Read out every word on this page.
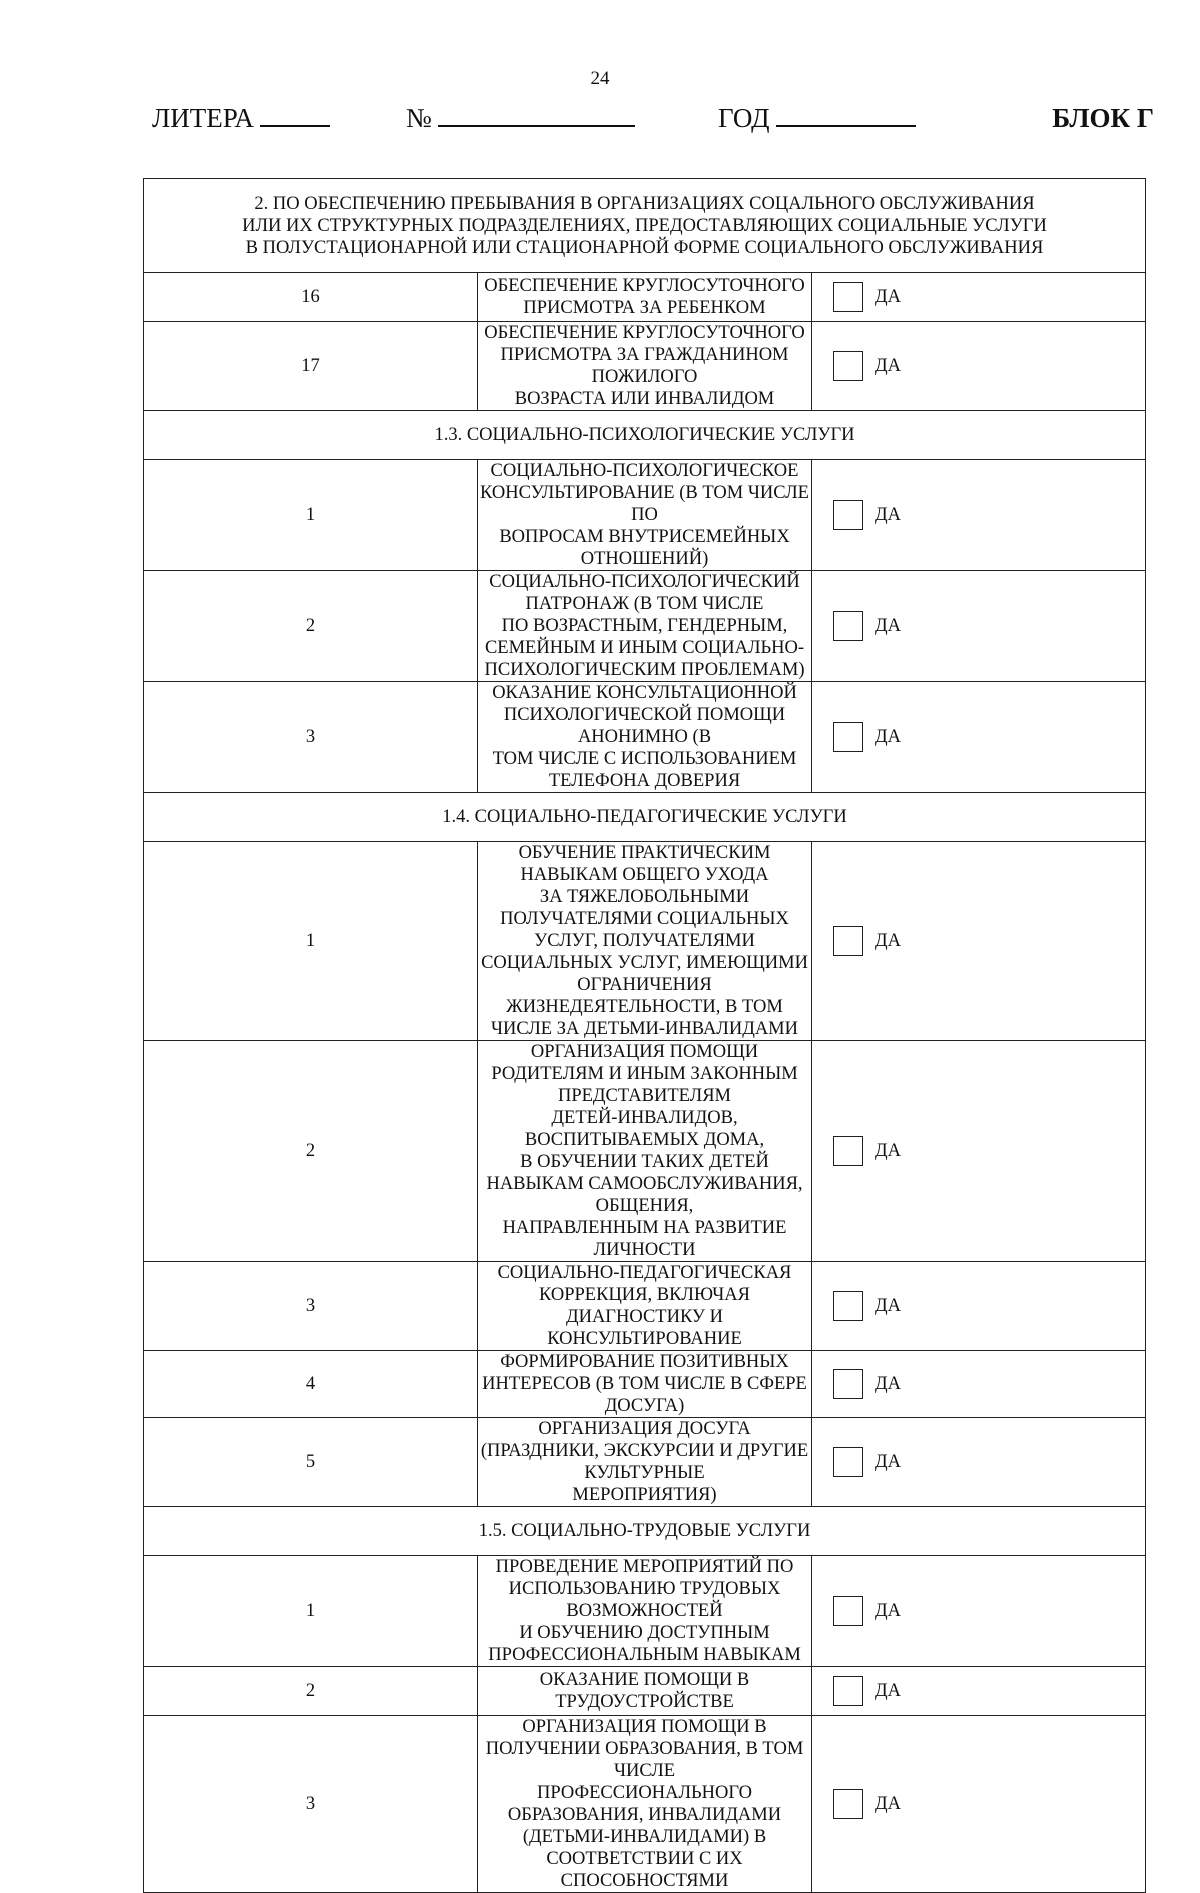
24
ЛИТЕРА	№	ГОД	БЛОК Г
2. ПО ОБЕСПЕЧЕНИЮ ПРЕБЫВАНИЯ В ОРГАНИЗАЦИЯХ СОЦАЛЬНОГО ОБСЛУЖИВАНИЯ
ИЛИ ИХ СТРУКТУРНЫХ ПОДРАЗДЕЛЕНИЯХ, ПРЕДОСТАВЛЯЮЩИХ СОЦИАЛЬНЫЕ УСЛУГИ
В ПОЛУСТАЦИОНАРНОЙ ИЛИ СТАЦИОНАРНОЙ ФОРМЕ СОЦИАЛЬНОГО ОБСЛУЖИВАНИЯ		
16	ОБЕСПЕЧЕНИЕ КРУГЛОСУТОЧНОГО ПРИСМОТРА ЗА РЕБЕНКОМ	ДА

17	ОБЕСПЕЧЕНИЕ КРУГЛОСУТОЧНОГО ПРИСМОТРА ЗА ГРАЖДАНИНОМ ПОЖИЛОГО
ВОЗРАСТА ИЛИ ИНВАЛИДОМ	ДА

1.3. СОЦИАЛЬНО-ПСИХОЛОГИЧЕСКИЕ УСЛУГИ		
1	СОЦИАЛЬНО-ПСИХОЛОГИЧЕСКОЕ КОНСУЛЬТИРОВАНИЕ (В ТОМ ЧИСЛЕ ПО
ВОПРОСАМ ВНУТРИСЕМЕЙНЫХ ОТНОШЕНИЙ)	ДА

2	СОЦИАЛЬНО-ПСИХОЛОГИЧЕСКИЙ ПАТРОНАЖ (В ТОМ ЧИСЛЕ
ПО ВОЗРАСТНЫМ, ГЕНДЕРНЫМ, СЕМЕЙНЫМ И ИНЫМ СОЦИАЛЬНО-
ПСИХОЛОГИЧЕСКИМ ПРОБЛЕМАМ)	ДА

3	ОКАЗАНИЕ КОНСУЛЬТАЦИОННОЙ ПСИХОЛОГИЧЕСКОЙ ПОМОЩИ АНОНИМНО (В
ТОМ ЧИСЛЕ С ИСПОЛЬЗОВАНИЕМ ТЕЛЕФОНА ДОВЕРИЯ	ДА

1.4. СОЦИАЛЬНО-ПЕДАГОГИЧЕСКИЕ УСЛУГИ		
1	ОБУЧЕНИЕ ПРАКТИЧЕСКИМ НАВЫКАМ ОБЩЕГО УХОДА
ЗА ТЯЖЕЛОБОЛЬНЫМИ ПОЛУЧАТЕЛЯМИ СОЦИАЛЬНЫХ УСЛУГ, ПОЛУЧАТЕЛЯМИ
СОЦИАЛЬНЫХ УСЛУГ, ИМЕЮЩИМИ ОГРАНИЧЕНИЯ ЖИЗНЕДЕЯТЕЛЬНОСТИ, В ТОМ
ЧИСЛЕ ЗА ДЕТЬМИ-ИНВАЛИДАМИ	ДА

2	ОРГАНИЗАЦИЯ ПОМОЩИ РОДИТЕЛЯМ И ИНЫМ ЗАКОННЫМ ПРЕДСТАВИТЕЛЯМ
ДЕТЕЙ-ИНВАЛИДОВ, ВОСПИТЫВАЕМЫХ ДОМА,
В ОБУЧЕНИИ ТАКИХ ДЕТЕЙ НАВЫКАМ САМООБСЛУЖИВАНИЯ, ОБЩЕНИЯ,
НАПРАВЛЕННЫМ НА РАЗВИТИЕ ЛИЧНОСТИ	ДА

3	СОЦИАЛЬНО-ПЕДАГОГИЧЕСКАЯ КОРРЕКЦИЯ, ВКЛЮЧАЯ ДИАГНОСТИКУ И
КОНСУЛЬТИРОВАНИЕ	ДА

4	ФОРМИРОВАНИЕ ПОЗИТИВНЫХ ИНТЕРЕСОВ (В ТОМ ЧИСЛЕ В СФЕРЕ ДОСУГА)	ДА

5	ОРГАНИЗАЦИЯ ДОСУГА (ПРАЗДНИКИ, ЭКСКУРСИИ И ДРУГИЕ КУЛЬТУРНЫЕ
МЕРОПРИЯТИЯ)	ДА

1.5. СОЦИАЛЬНО-ТРУДОВЫЕ УСЛУГИ		
1	ПРОВЕДЕНИЕ МЕРОПРИЯТИЙ ПО ИСПОЛЬЗОВАНИЮ ТРУДОВЫХ ВОЗМОЖНОСТЕЙ
И ОБУЧЕНИЮ ДОСТУПНЫМ ПРОФЕССИОНАЛЬНЫМ НАВЫКАМ	ДА

2	ОКАЗАНИЕ ПОМОЩИ В ТРУДОУСТРОЙСТВЕ	ДА

3	ОРГАНИЗАЦИЯ ПОМОЩИ В ПОЛУЧЕНИИ ОБРАЗОВАНИЯ, В ТОМ ЧИСЛЕ
ПРОФЕССИОНАЛЬНОГО ОБРАЗОВАНИЯ, ИНВАЛИДАМИ (ДЕТЬМИ-ИНВАЛИДАМИ) В
СООТВЕТСТВИИ С ИХ СПОСОБНОСТЯМИ	ДА
